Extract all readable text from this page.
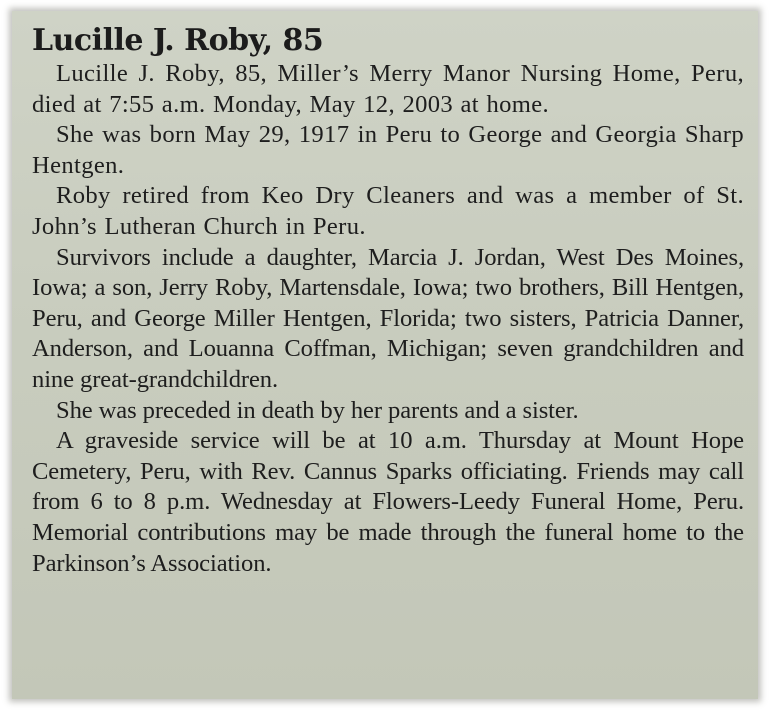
Lucille J. Roby, 85

Lucille J. Roby, 85, Miller’s Merry Manor Nursing Home, Peru, died at 7:55 a.m. Monday, May 12, 2003 at home.

She was born May 29, 1917 in Peru to George and Georgia Sharp Hentgen.

Roby retired from Keo Dry Cleaners and was a member of St. John’s Lutheran Church in Peru.

Survivors include a daughter, Marcia J. Jordan, West Des Moines, Iowa; a son, Jerry Roby, Martensdale, Iowa; two brothers, Bill Hentgen, Peru, and George Miller Hentgen, Florida; two sisters, Patricia Danner, Anderson, and Louanna Coffman, Michigan; seven grandchildren and nine great-grandchildren.

She was preceded in death by her parents and a sister.

A graveside service will be at 10 a.m. Thursday at Mount Hope Cemetery, Peru, with Rev. Cannus Sparks officiating. Friends may call from 6 to 8 p.m. Wednesday at Flowers-Leedy Funeral Home, Peru. Memorial contributions may be made through the funeral home to the Parkinson’s Association.
